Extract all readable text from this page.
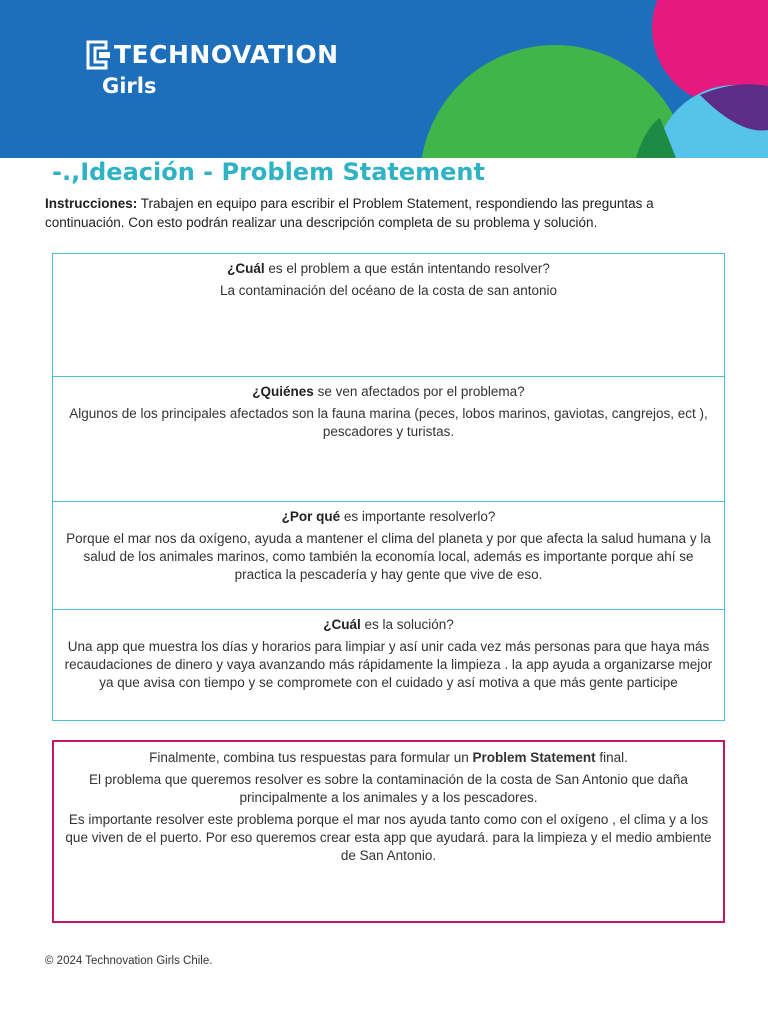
TECHNOVATION
Girls
-.,Ideación - Problem Statement
Instrucciones: Trabajen en equipo para escribir el Problem Statement, respondiendo las preguntas a continuación. Con esto podrán realizar una descripción completa de su problema y solución.
¿Cuál es el problem a que están intentando resolver?
La contaminación del océano de la costa de san antonio
¿Quiénes se ven afectados por el problema?
Algunos de los principales afectados son la fauna marina (peces, lobos marinos, gaviotas, cangrejos, ect ), pescadores y turistas.
¿Por qué es importante resolverlo?
Porque el mar nos da oxígeno, ayuda a mantener el clima del planeta y por que afecta la salud humana y la salud de los animales marinos, como también la economía local, además es importante porque ahí se practica la pescadería y hay gente que vive de eso.
¿Cuál es la solución?
Una app que muestra los días y horarios para limpiar y así unir cada vez más personas para que haya más recaudaciones de dinero y vaya avanzando más rápidamente la limpieza . la app ayuda a organizarse mejor ya que avisa con tiempo y se compromete con el cuidado y así motiva a que más gente participe

Finalmente, combina tus respuestas para formular un Problem Statement final.

El problema que queremos resolver es sobre la contaminación de la costa de San Antonio que daña principalmente a los animales y a los pescadores.

Es importante resolver este problema porque el mar nos ayuda tanto como con el oxígeno , el clima y a los que viven de el puerto. Por eso queremos crear esta app que ayudará. para la limpieza y el medio ambiente de San Antonio.

© 2024 Technovation Girls Chile.
